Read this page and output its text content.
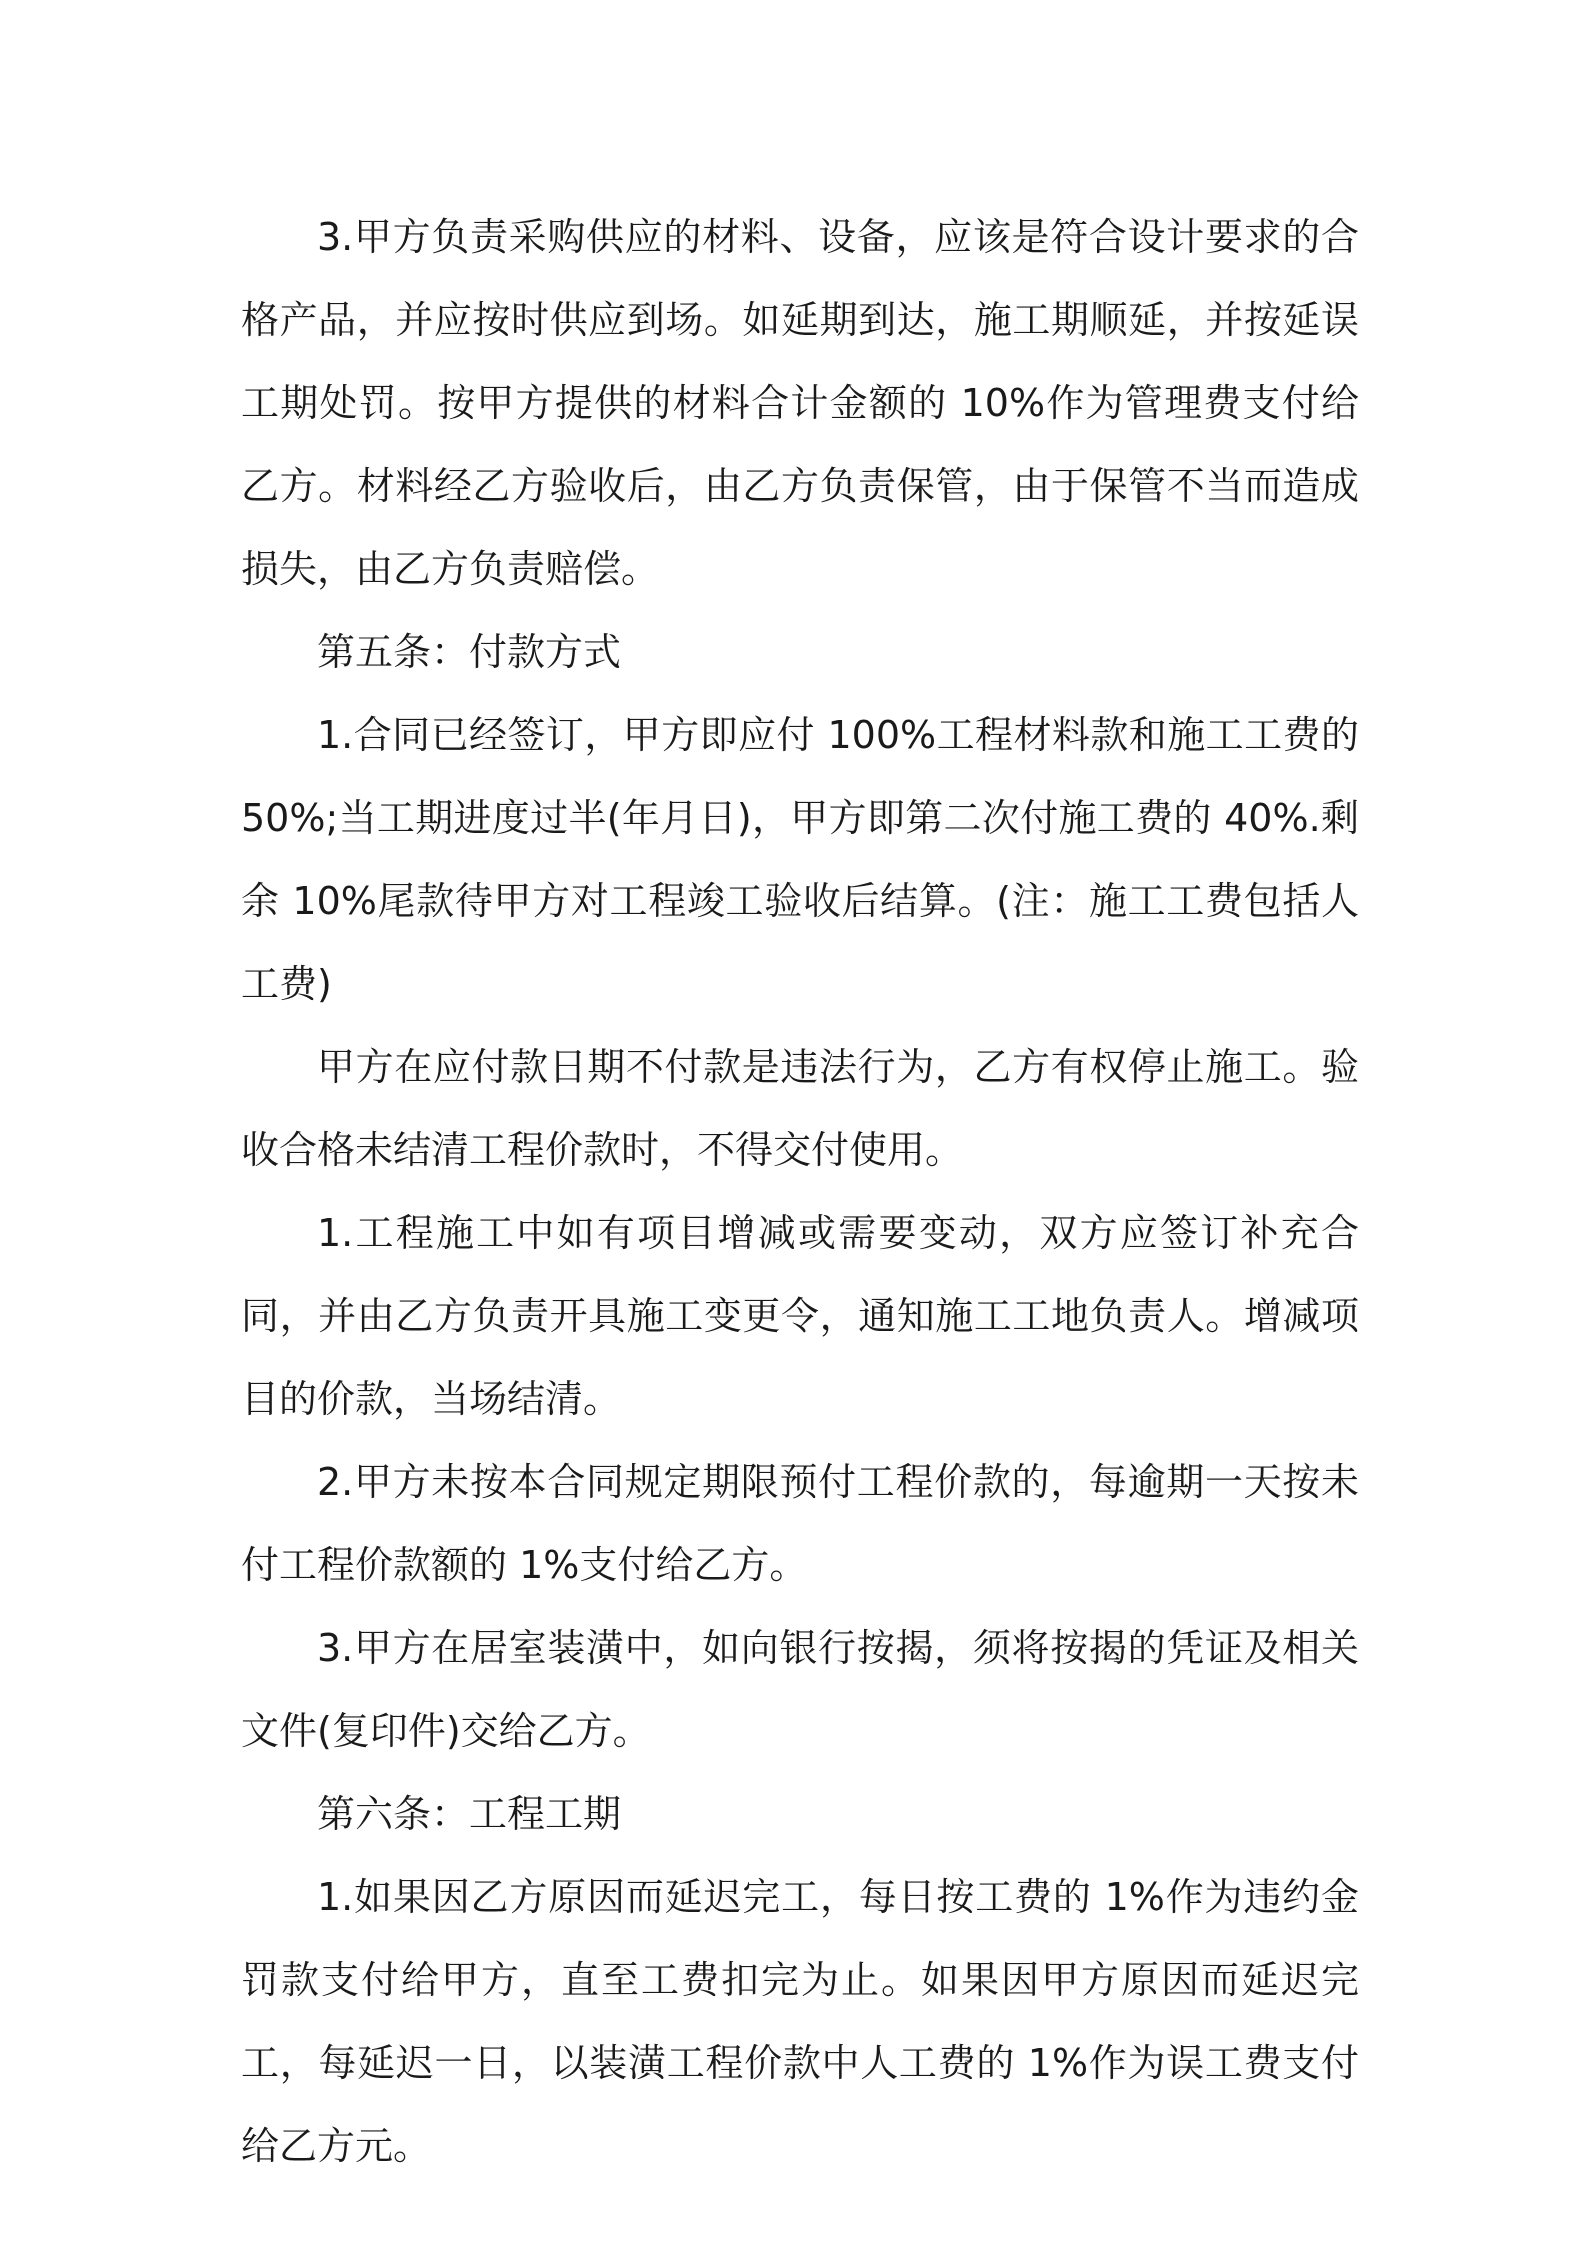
3.甲方负责采购供应的材料、设备，应该是符合设计要求的合格产品，并应按时供应到场。如延期到达，施工期顺延，并按延误工期处罚。按甲方提供的材料合计金额的 10%作为管理费支付给乙方。材料经乙方验收后，由乙方负责保管，由于保管不当而造成损失，由乙方负责赔偿。

第五条：付款方式

1.合同已经签订，甲方即应付 100%工程材料款和施工工费的 50%;当工期进度过半(年月日)，甲方即第二次付施工费的 40%.剩余 10%尾款待甲方对工程竣工验收后结算。(注：施工工费包括人工费)

甲方在应付款日期不付款是违法行为，乙方有权停止施工。验收合格未结清工程价款时，不得交付使用。

1.工程施工中如有项目增减或需要变动，双方应签订补充合同，并由乙方负责开具施工变更令，通知施工工地负责人。增减项目的价款，当场结清。

2.甲方未按本合同规定期限预付工程价款的，每逾期一天按未付工程价款额的 1%支付给乙方。

3.甲方在居室装潢中，如向银行按揭，须将按揭的凭证及相关文件(复印件)交给乙方。

第六条：工程工期

1.如果因乙方原因而延迟完工，每日按工费的 1%作为违约金罚款支付给甲方，直至工费扣完为止。如果因甲方原因而延迟完工，每延迟一日，以装潢工程价款中人工费的 1%作为误工费支付给乙方元。
